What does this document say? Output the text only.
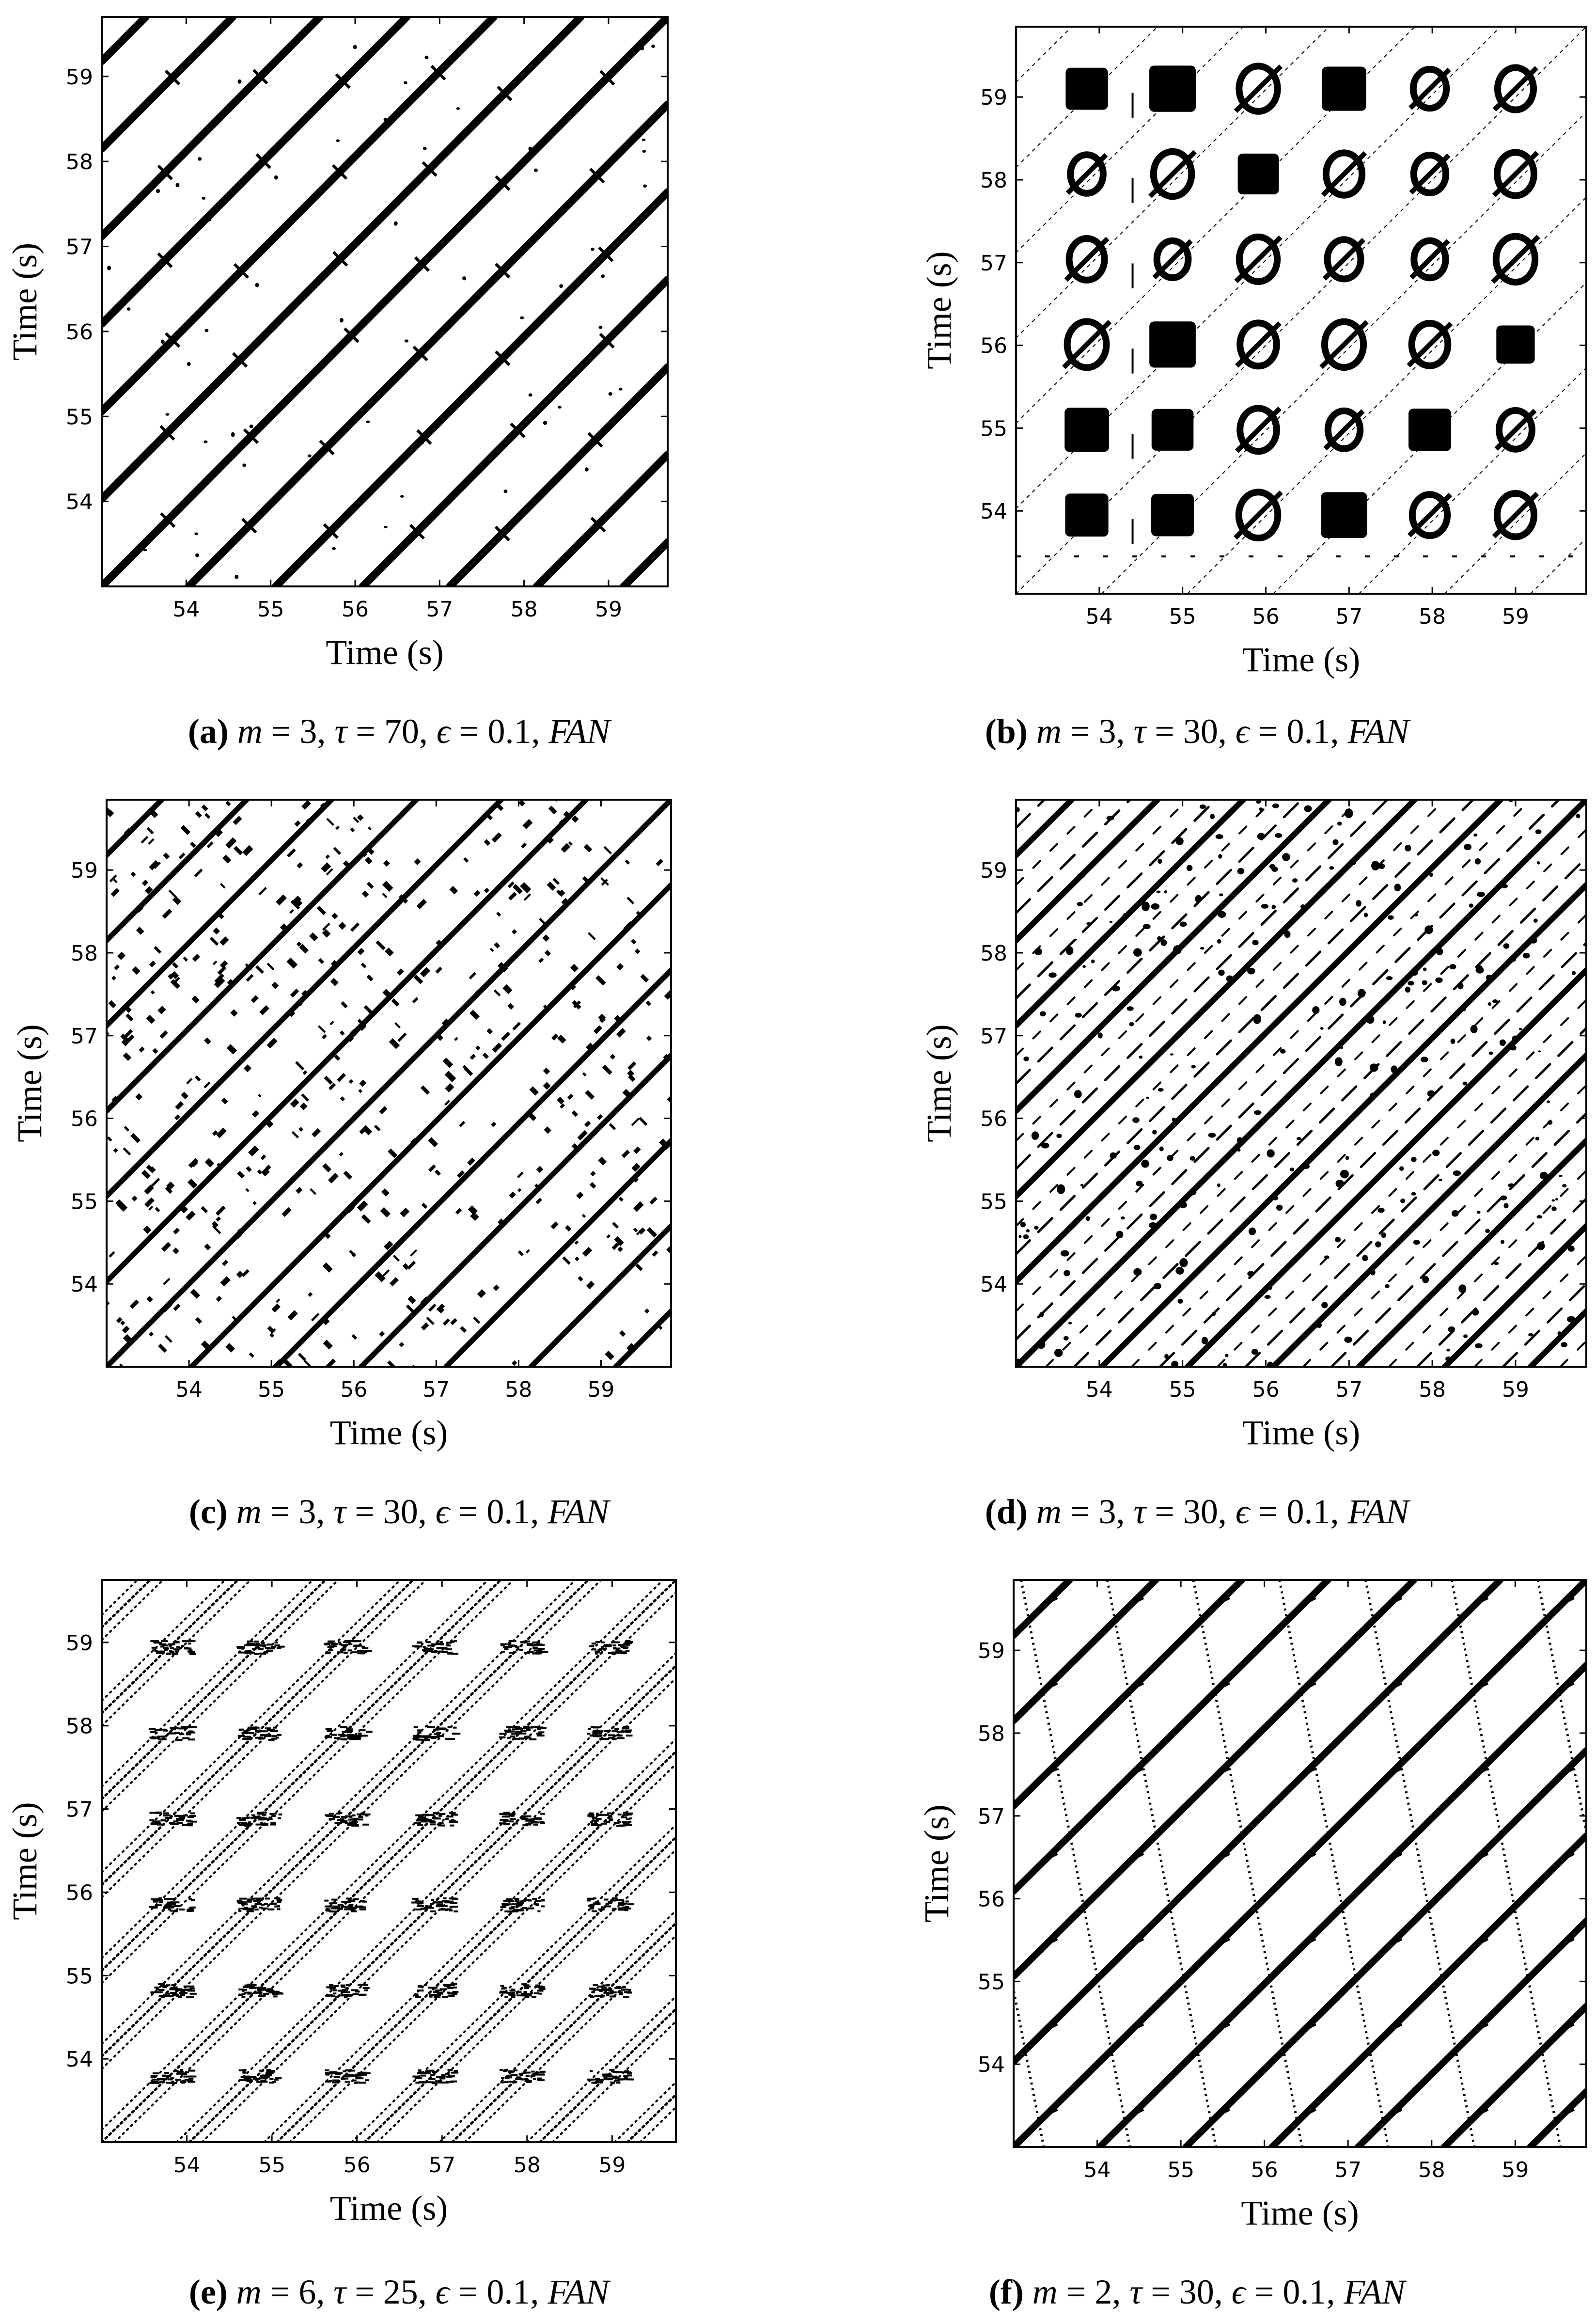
54	55	56	57	58	59
54
55
56
57
58
59
Time (s)
Time (s)
(a) m = 3, τ = 70, ϵ = 0.1, FAN
54	55	56	57	58	59
54
55
56
57
58
59
Time (s)
Time (s)
(b) m = 3, τ = 30, ϵ = 0.1, FAN
54	55	56	57	58	59
54
55
56
57
58
59
Time (s)
Time (s)
(c) m = 3, τ = 30, ϵ = 0.1, FAN
54	55	56	57	58	59
54
55
56
57
58
59
Time (s)
Time (s)
(d) m = 3, τ = 30, ϵ = 0.1, FAN
54	55	56	57	58	59
54
55
56
57
58
59
Time (s)
Time (s)
(e) m = 6, τ = 25, ϵ = 0.1, FAN
54	55	56	57	58	59
54
55
56
57
58
59
Time (s)
Time (s)
(f) m = 2, τ = 30, ϵ = 0.1, FAN
